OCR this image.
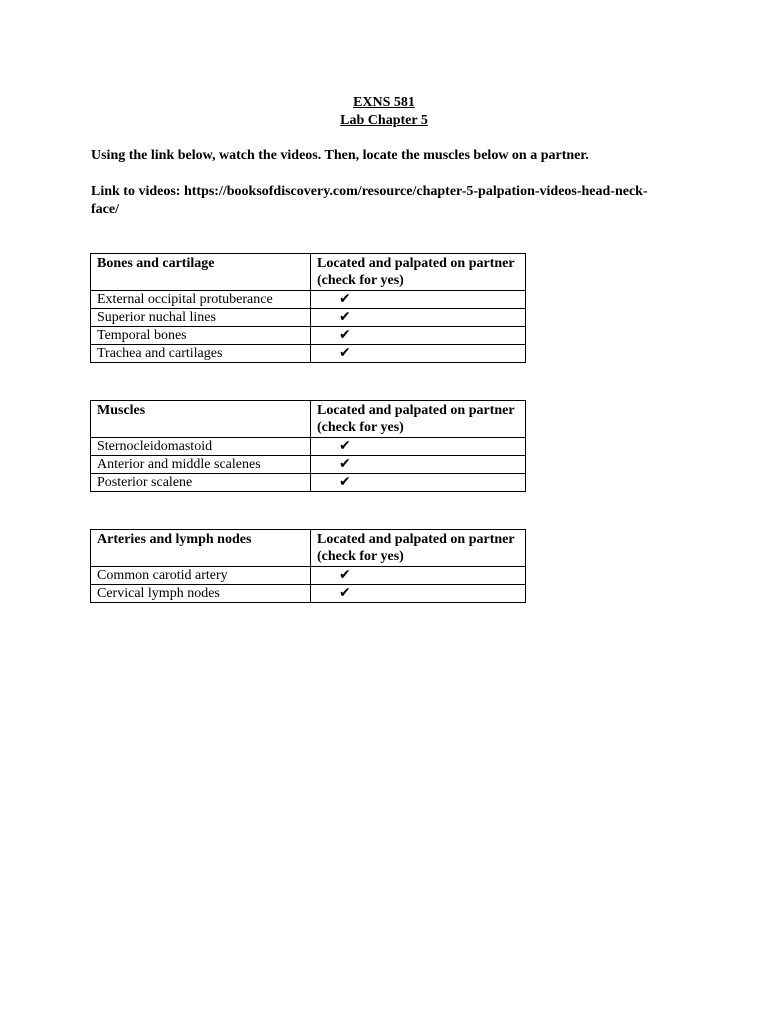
EXNS 581
Lab Chapter 5
Using the link below, watch the videos. Then, locate the muscles below on a partner.
Link to videos: https://booksofdiscovery.com/resource/chapter-5-palpation-videos-head-neck-face/
Bones and cartilage	Located and palpated on partner (check for yes)
External occipital protuberance	✔
Superior nuchal lines	✔
Temporal bones	✔
Trachea and cartilages	✔
Muscles	Located and palpated on partner (check for yes)
Sternocleidomastoid	✔
Anterior and middle scalenes	✔
Posterior scalene	✔
Arteries and lymph nodes	Located and palpated on partner (check for yes)
Common carotid artery	✔
Cervical lymph nodes	✔
